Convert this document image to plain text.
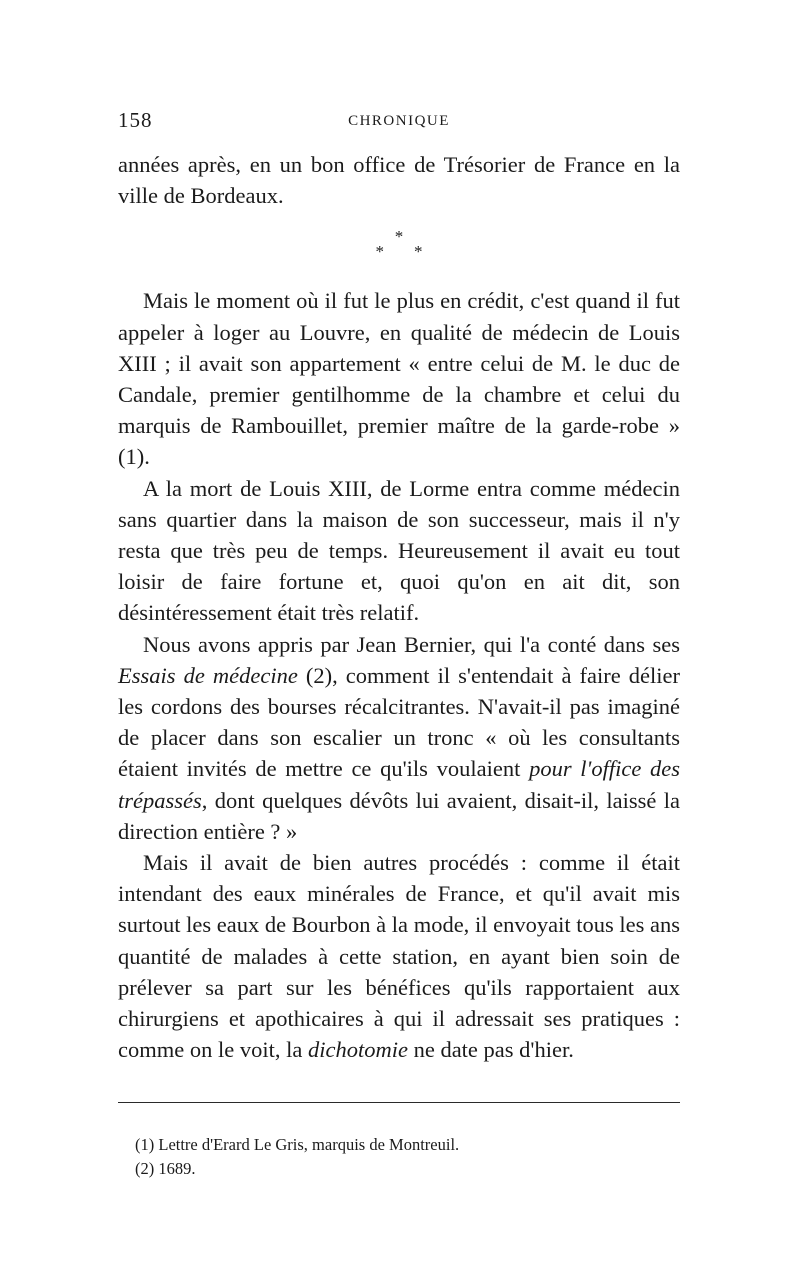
158	CHRONIQUE

années après, en un bon office de Trésorier de France en la ville de Bordeaux.

*
* *

Mais le moment où il fut le plus en crédit, c'est quand il fut appeler à loger au Louvre, en qualité de médecin de Louis XIII ; il avait son appartement « entre celui de M. le duc de Candale, premier gentilhomme de la chambre et celui du marquis de Rambouillet, premier maître de la garde-robe » (1).

A la mort de Louis XIII, de Lorme entra comme médecin sans quartier dans la maison de son successeur, mais il n'y resta que très peu de temps. Heureusement il avait eu tout loisir de faire fortune et, quoi qu'on en ait dit, son désintéressement était très relatif.

Nous avons appris par Jean Bernier, qui l'a conté dans ses Essais de médecine (2), comment il s'entendait à faire délier les cordons des bourses récalcitrantes. N'avait-il pas imaginé de placer dans son escalier un tronc « où les consultants étaient invités de mettre ce qu'ils voulaient pour l'office des trépassés, dont quelques dévôts lui avaient, disait-il, laissé la direction entière ? »

Mais il avait de bien autres procédés : comme il était intendant des eaux minérales de France, et qu'il avait mis surtout les eaux de Bourbon à la mode, il envoyait tous les ans quantité de malades à cette station, en ayant bien soin de prélever sa part sur les bénéfices qu'ils rapportaient aux chirurgiens et apothicaires à qui il adressait ses pratiques : comme on le voit, la dichotomie ne date pas d'hier.

(1) Lettre d'Erard Le Gris, marquis de Montreuil.

(2) 1689.
